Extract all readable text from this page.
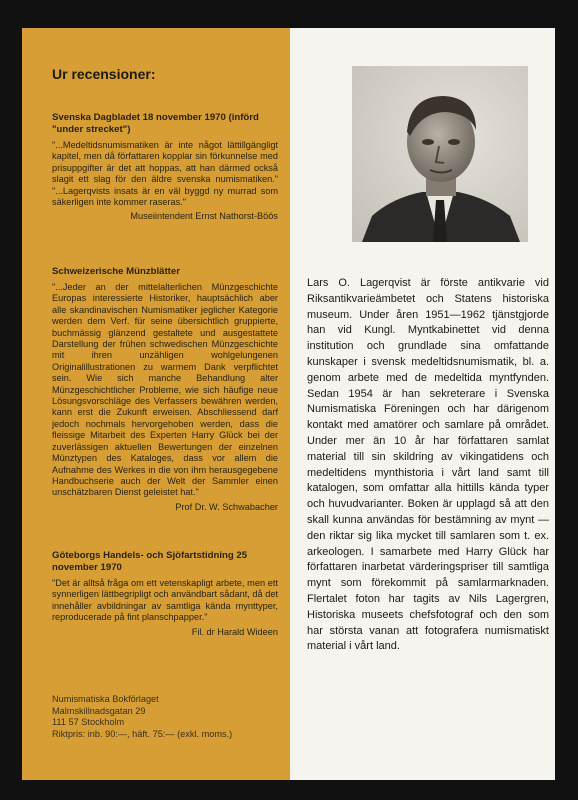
Ur recensioner:
Svenska Dagbladet 18 november 1970 (införd "under strecket")
"...Medeltidsnumismatiken är inte något lättillgängligt kapitel, men då författaren kopplar sin förkunnelse med prisuppgifter är det att hoppas, att han därmed också slagit ett slag för den äldre svenska numismatiken." "...Lagerqvists insats är en väl byggd ny murrad som säkerligen inte kommer raseras."
Museiintendent Ernst Nathorst-Böös
Schweizerische Münzblätter
"...Jeder an der mittelalterlichen Münzgeschichte Europas interessierte Historiker, hauptsächlich aber alle skandinavischen Numismatiker jeglicher Kategorie werden dem Verf. für seine übersichtlich gruppierte, buchmässig glänzend gestaltete und ausgestattete Darstellung der frühen schwedischen Münzgeschichte mit ihren unzähligen wohlgelungenen Originalillustrationen zu warmem Dank verpflichtet sein. Wie sich manche Behandlung alter Münzgeschichtlicher Probleme, wie sich häufige neue Lösungsvorschläge des Verfassers bewähren werden, kann erst die Zukunft erweisen. Abschliessend darf jedoch nochmals hervorgehoben werden, dass die fleissige Mitarbeit des Experten Harry Glück bei der zuverlässigen aktuellen Bewertungen der einzelnen Münztypen des Kataloges, dass vor allem die Aufnahme des Werkes in die von ihm herausgegebene Handbuchserie auch der Welt der Sammler einen unschätzbaren Dienst geleistet hat."
Prof Dr. W. Schwabacher
Göteborgs Handels- och Sjöfartstidning 25 november 1970
"Det är alltså fråga om ett vetenskapligt arbete, men ett synnerligen lättbegripligt och användbart sådant, då det innehåller avbildningar av samtliga kända mynttyper, reproducerade på fint planschpapper."
Fil. dr Harald Wideen
Numismatiska Bokförlaget
Malmskillnadsgatan 29
111 57 Stockholm
Riktpris: inb. 90:—, häft. 75:— (exkl. moms.)
Lars O. Lagerqvist är förste antikvarie vid Riksantikvarieämbetet och Statens historiska museum. Under åren 1951—1962 tjänstgjorde han vid Kungl. Myntkabinettet vid denna institution och grundlade sina omfattande kunskaper i svensk medeltidsnumismatik, bl. a. genom arbete med de medeltida myntfynden. Sedan 1954 är han sekreterare i Svenska Numismatiska Föreningen och har därigenom kontakt med amatörer och samlare på området. Under mer än 10 år har författaren samlat material till sin skildring av vikingatidens och medeltidens mynthistoria i vårt land samt till katalogen, som omfattar alla hittills kända typer och huvudvarianter. Boken är upplagd så att den skall kunna användas för bestämning av mynt — den riktar sig lika mycket till samlaren som t. ex. arkeologen. I samarbete med Harry Glück har författaren inarbetat värderingspriser till samtliga mynt som förekommit på samlarmarknaden. Flertalet foton har tagits av Nils Lagergren, Historiska museets chefsfotograf och den som har största vanan att fotografera numismatiskt material i vårt land.
